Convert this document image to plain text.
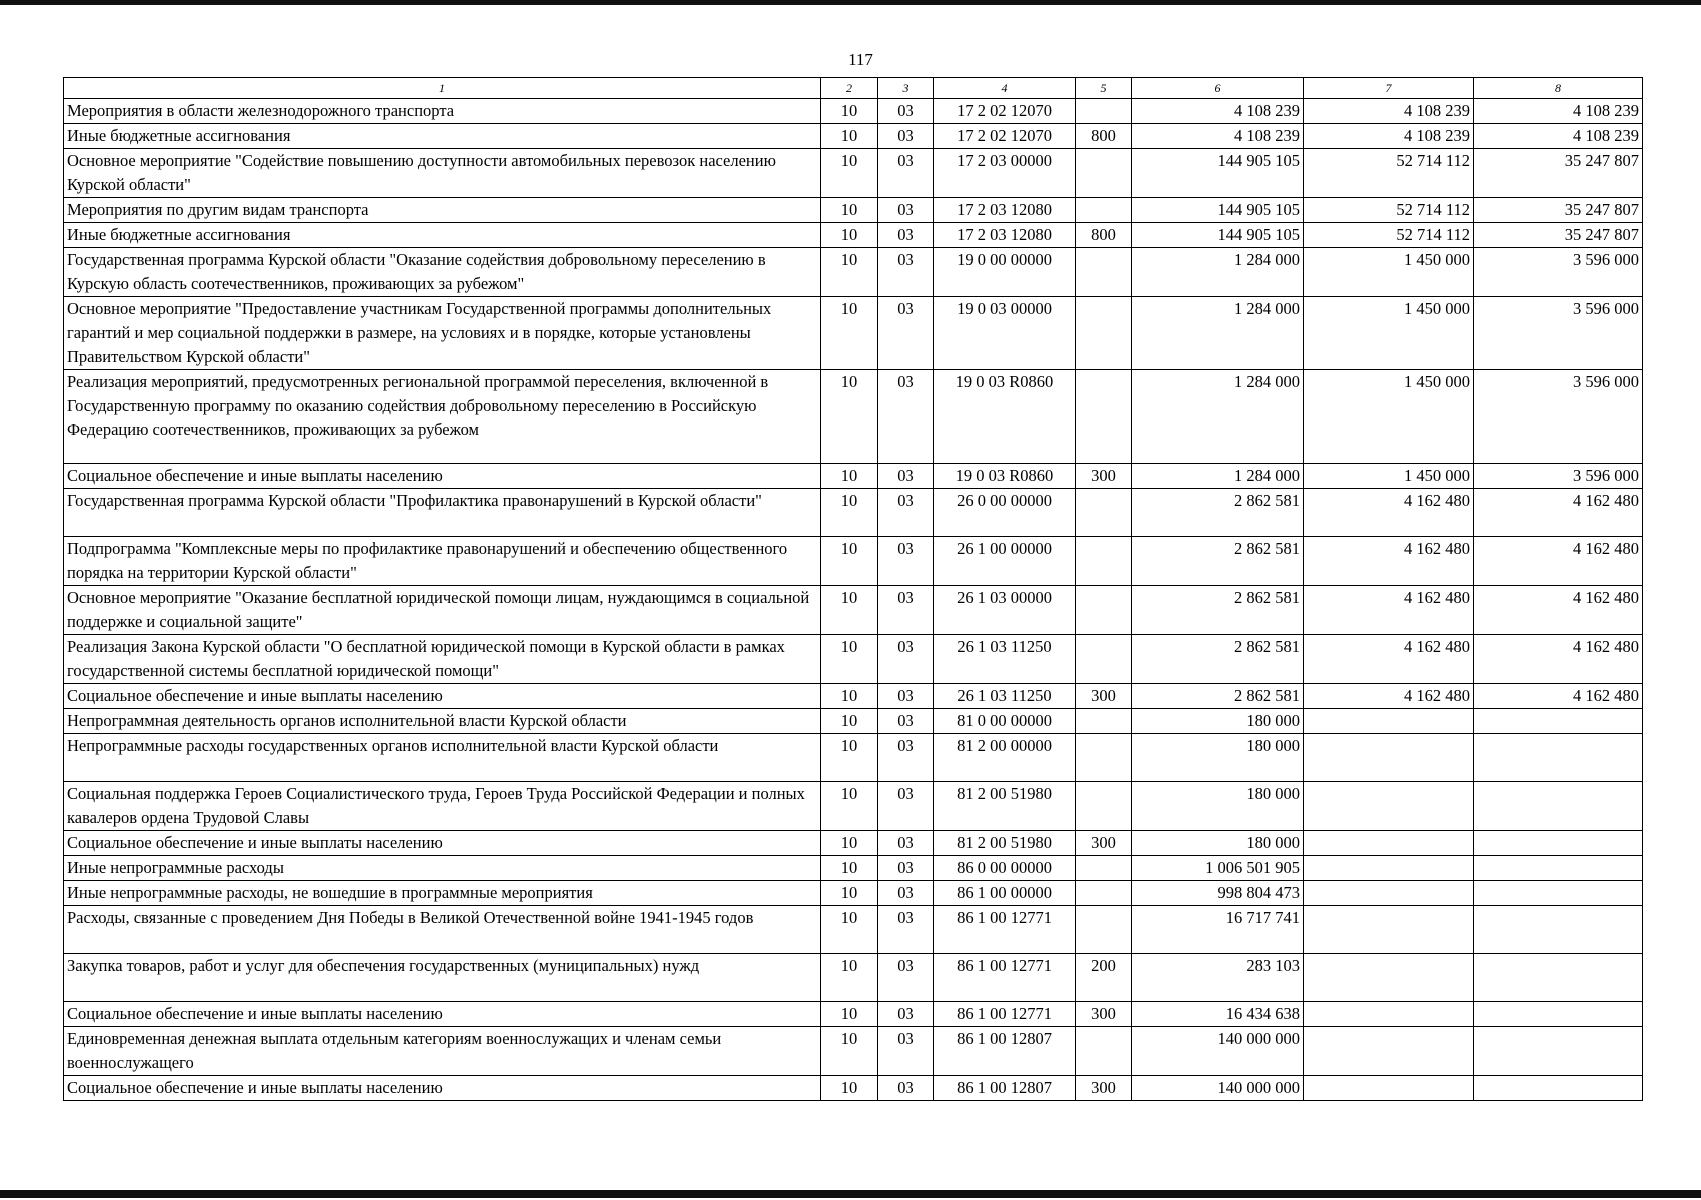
117
1	2	3	4	5	6	7	8
Мероприятия в области железнодорожного транспорта	10	03	17 2 02 12070		4 108 239	4 108 239	4 108 239
Иные бюджетные ассигнования	10	03	17 2 02 12070	800	4 108 239	4 108 239	4 108 239
Основное мероприятие "Содействие повышению доступности автомобильных перевозок населению Курской области"	10	03	17 2 03 00000		144 905 105	52 714 112	35 247 807
Мероприятия по другим видам транспорта	10	03	17 2 03 12080		144 905 105	52 714 112	35 247 807
Иные бюджетные ассигнования	10	03	17 2 03 12080	800	144 905 105	52 714 112	35 247 807
Государственная программа Курской области "Оказание содействия добровольному переселению в Курскую область соотечественников, проживающих за рубежом"	10	03	19 0 00 00000		1 284 000	1 450 000	3 596 000
Основное мероприятие "Предоставление участникам Государственной программы дополнительных гарантий и мер социальной поддержки в размере, на условиях и в порядке, которые установлены Правительством Курской области"	10	03	19 0 03 00000		1 284 000	1 450 000	3 596 000
Реализация мероприятий, предусмотренных региональной программой переселения, включенной в Государственную программу по оказанию содействия добровольному переселению в Российскую Федерацию соотечественников, проживающих за рубежом	10	03	19 0 03 R0860		1 284 000	1 450 000	3 596 000
Социальное обеспечение и иные выплаты населению	10	03	19 0 03 R0860	300	1 284 000	1 450 000	3 596 000
Государственная программа Курской области "Профилактика правонарушений в Курской области"	10	03	26 0 00 00000		2 862 581	4 162 480	4 162 480
Подпрограмма "Комплексные меры по профилактике правонарушений и обеспечению общественного порядка на территории Курской области"	10	03	26 1 00 00000		2 862 581	4 162 480	4 162 480
Основное мероприятие "Оказание бесплатной юридической помощи лицам, нуждающимся в социальной поддержке и социальной защите"	10	03	26 1 03 00000		2 862 581	4 162 480	4 162 480
Реализация Закона Курской области "О бесплатной юридической помощи в Курской области в рамках государственной системы бесплатной юридической помощи"	10	03	26 1 03 11250		2 862 581	4 162 480	4 162 480
Социальное обеспечение и иные выплаты населению	10	03	26 1 03 11250	300	2 862 581	4 162 480	4 162 480
Непрограммная деятельность органов исполнительной власти Курской области	10	03	81 0 00 00000		180 000		
Непрограммные расходы государственных органов исполнительной власти Курской области	10	03	81 2 00 00000		180 000		
Социальная поддержка Героев Социалистического труда, Героев Труда Российской Федерации и полных кавалеров ордена Трудовой Славы	10	03	81 2 00 51980		180 000		
Социальное обеспечение и иные выплаты населению	10	03	81 2 00 51980	300	180 000		
Иные непрограммные расходы	10	03	86 0 00 00000		1 006 501 905		
Иные непрограммные расходы, не вошедшие в программные мероприятия	10	03	86 1 00 00000		998 804 473		
Расходы, связанные с проведением Дня Победы в Великой Отечественной войне 1941-1945 годов	10	03	86 1 00 12771		16 717 741		
Закупка товаров, работ и услуг для обеспечения государственных (муниципальных) нужд	10	03	86 1 00 12771	200	283 103		
Социальное обеспечение и иные выплаты населению	10	03	86 1 00 12771	300	16 434 638		
Единовременная денежная выплата отдельным категориям военнослужащих и членам семьи военнослужащего	10	03	86 1 00 12807		140 000 000		
Социальное обеспечение и иные выплаты населению	10	03	86 1 00 12807	300	140 000 000		
